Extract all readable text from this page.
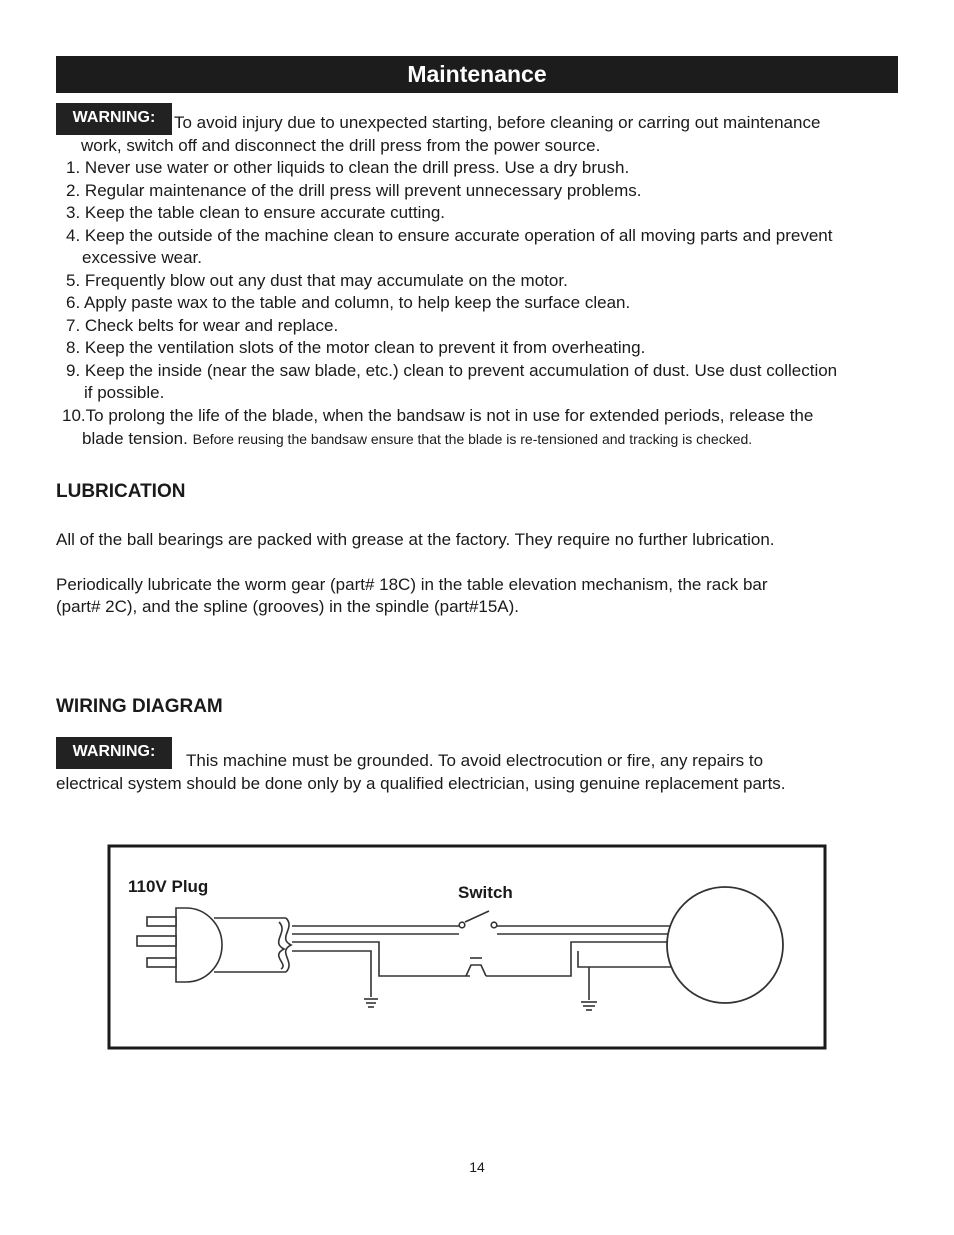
Maintenance
WARNING:	To avoid injury due to unexpected starting, before cleaning or carring out maintenance
work, switch off and disconnect the drill press from the power source.
1. Never use water or other liquids to clean the drill press. Use a dry brush.
2. Regular maintenance of the drill press will prevent unnecessary problems.
3. Keep the table clean to ensure accurate cutting.
4. Keep the outside of the machine clean to ensure accurate operation of all moving parts and prevent
excessive wear.
5. Frequently blow out any dust that may accumulate on the motor.
6. Apply paste wax to the table and column, to help keep the surface clean.
7. Check belts for wear and replace.
8. Keep the ventilation slots of the motor clean to prevent it from overheating.
9. Keep the inside (near the saw blade, etc.) clean to prevent accumulation of dust. Use dust collection
if possible.
10.To prolong the life of the blade, when the bandsaw is not in use for extended periods, release the
blade tension. Before reusing the bandsaw ensure that the blade is re-tensioned and tracking is checked.
LUBRICATION
All of the ball bearings are packed with grease at the factory. They require no further lubrication.
Periodically lubricate the worm gear (part# 18C) in the table elevation mechanism, the rack bar
(part# 2C), and the spline (grooves) in the spindle (part#15A).
WIRING DIAGRAM
WARNING:	This machine must be grounded. To avoid electrocution or fire, any repairs to
electrical system should be done only by a qualified electrician, using genuine replacement parts.
110V Plug	Switch
14
